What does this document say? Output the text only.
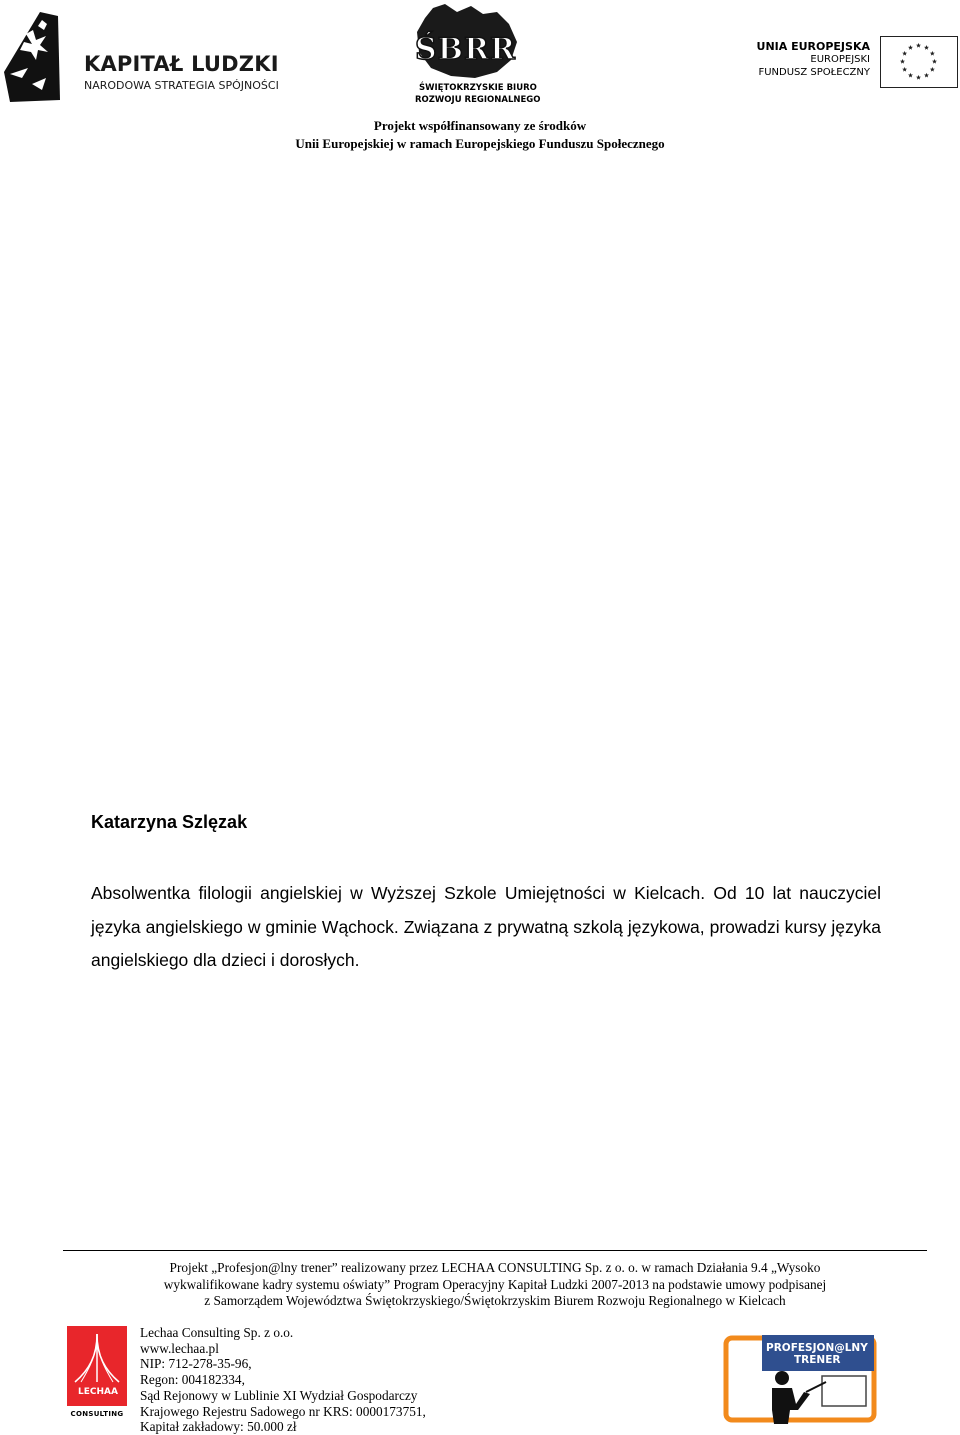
KAPITAŁ LUDZKI
NARODOWA STRATEGIA SPÓJNOŚCI
ŚBRR
ŚWIĘTOKRZYSKIE BIURO
ROZWOJU REGIONALNEGO
UNIA EUROPEJSKA
EUROPEJSKI
FUNDUSZ SPOŁECZNY
Projekt współfinansowany ze środków
Unii Europejskiej w ramach Europejskiego Funduszu Społecznego
Katarzyna Szlęzak
Absolwentka filologii angielskiej w Wyższej Szkole Umiejętności w Kielcach. Od 10 lat nauczyciel języka angielskiego w gminie Wąchock. Związana z prywatną szkolą językowa, prowadzi kursy języka angielskiego dla dzieci i dorosłych.
Projekt „Profesjon@lny trener” realizowany przez LECHAA CONSULTING Sp. z o. o. w ramach Działania 9.4 „Wysoko
wykwalifikowane kadry systemu oświaty” Program Operacyjny Kapitał Ludzki 2007-2013 na podstawie umowy podpisanej
z Samorządem Województwa Świętokrzyskiego/Świętokrzyskim Biurem Rozwoju Regionalnego w Kielcach
LECHAA
CONSULTING
Lechaa Consulting Sp. z o.o.
www.lechaa.pl
NIP: 712-278-35-96,
Regon: 004182334,
Sąd Rejonowy w Lublinie XI Wydział Gospodarczy
Krajowego Rejestru Sadowego nr KRS: 0000173751,
Kapitał zakładowy: 50.000 zł
PROFESJON@LNY
TRENER
